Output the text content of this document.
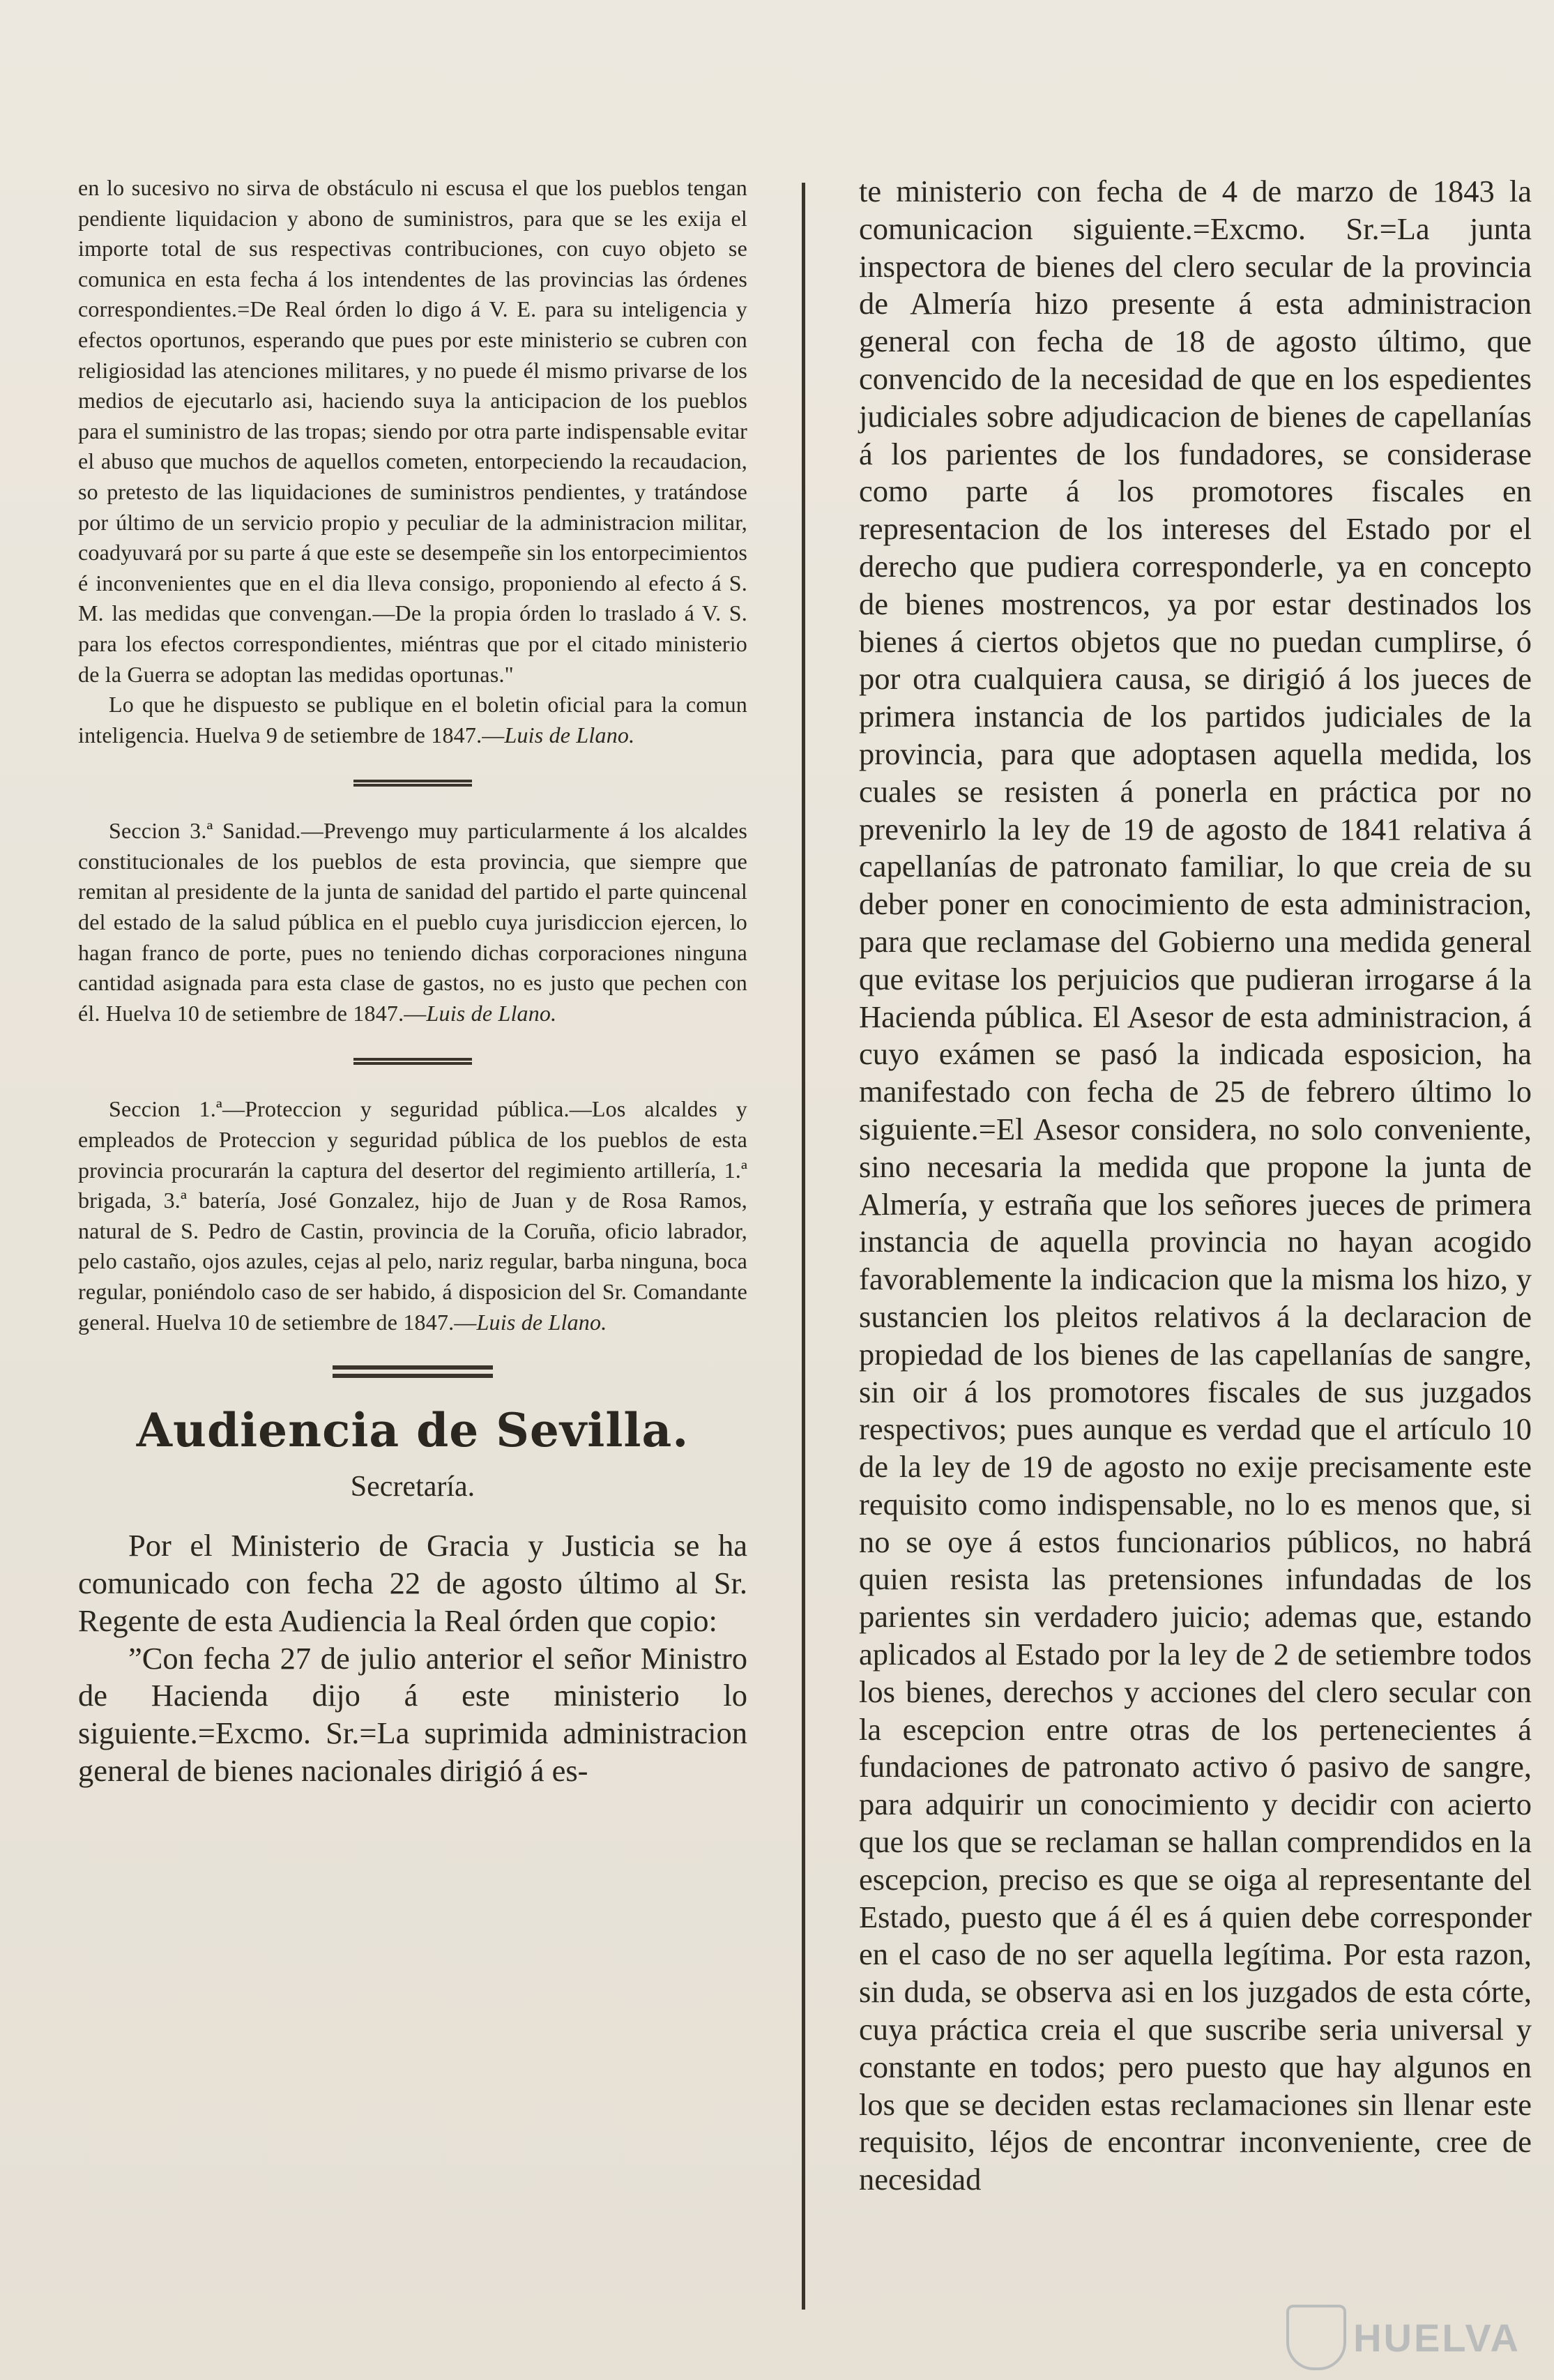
en lo sucesivo no sirva de obstáculo ni escusa el que los pueblos tengan pendiente liquidacion y abono de suministros, para que se les exija el importe total de sus respectivas contribuciones, con cuyo objeto se comunica en esta fecha á los intendentes de las provincias las órdenes correspondientes.=De Real órden lo digo á V. E. para su inteligencia y efectos oportunos, esperando que pues por este ministerio se cubren con religiosidad las atenciones militares, y no puede él mismo privarse de los medios de ejecutarlo asi, haciendo suya la anticipacion de los pueblos para el suministro de las tropas; siendo por otra parte indispensable evitar el abuso que muchos de aquellos cometen, entorpeciendo la recaudacion, so pretesto de las liquidaciones de suministros pendientes, y tratándose por último de un servicio propio y peculiar de la administracion militar, coadyuvará por su parte á que este se desempeñe sin los entorpecimientos é inconvenientes que en el dia lleva consigo, proponiendo al efecto á S. M. las medidas que convengan.—De la propia órden lo traslado á V. S. para los efectos correspondientes, miéntras que por el citado ministerio de la Guerra se adoptan las medidas oportunas."

Lo que he dispuesto se publique en el boletin oficial para la comun inteligencia. Huelva 9 de setiembre de 1847.—Luis de Llano.

Seccion 3.ª Sanidad.—Prevengo muy particularmente á los alcaldes constitucionales de los pueblos de esta provincia, que siempre que remitan al presidente de la junta de sanidad del partido el parte quincenal del estado de la salud pública en el pueblo cuya jurisdiccion ejercen, lo hagan franco de porte, pues no teniendo dichas corporaciones ninguna cantidad asignada para esta clase de gastos, no es justo que pechen con él. Huelva 10 de setiembre de 1847.—Luis de Llano.

Seccion 1.ª—Proteccion y seguridad pública.—Los alcaldes y empleados de Proteccion y seguridad pública de los pueblos de esta provincia procurarán la captura del desertor del regimiento artillería, 1.ª brigada, 3.ª batería, José Gonzalez, hijo de Juan y de Rosa Ramos, natural de S. Pedro de Castin, provincia de la Coruña, oficio labrador, pelo castaño, ojos azules, cejas al pelo, nariz regular, barba ninguna, boca regular, poniéndolo caso de ser habido, á disposicion del Sr. Comandante general. Huelva 10 de setiembre de 1847.—Luis de Llano.

Audiencia de Sevilla.
Secretaría.

Por el Ministerio de Gracia y Justicia se ha comunicado con fecha 22 de agosto último al Sr. Regente de esta Audiencia la Real órden que copio:

”Con fecha 27 de julio anterior el señor Ministro de Hacienda dijo á este ministerio lo siguiente.=Excmo. Sr.=La suprimida administracion general de bienes nacionales dirigió á es-

te ministerio con fecha de 4 de marzo de 1843 la comunicacion siguiente.=Excmo. Sr.=La junta inspectora de bienes del clero secular de la provincia de Almería hizo presente á esta administracion general con fecha de 18 de agosto último, que convencido de la necesidad de que en los espedientes judiciales sobre adjudicacion de bienes de capellanías á los parientes de los fundadores, se considerase como parte á los promotores fiscales en representacion de los intereses del Estado por el derecho que pudiera corresponderle, ya en concepto de bienes mostrencos, ya por estar destinados los bienes á ciertos objetos que no puedan cumplirse, ó por otra cualquiera causa, se dirigió á los jueces de primera instancia de los partidos judiciales de la provincia, para que adoptasen aquella medida, los cuales se resisten á ponerla en práctica por no prevenirlo la ley de 19 de agosto de 1841 relativa á capellanías de patronato familiar, lo que creia de su deber poner en conocimiento de esta administracion, para que reclamase del Gobierno una medida general que evitase los perjuicios que pudieran irrogarse á la Hacienda pública. El Asesor de esta administracion, á cuyo exámen se pasó la indicada esposicion, ha manifestado con fecha de 25 de febrero último lo siguiente.=El Asesor considera, no solo conveniente, sino necesaria la medida que propone la junta de Almería, y estraña que los señores jueces de primera instancia de aquella provincia no hayan acogido favorablemente la indicacion que la misma los hizo, y sustancien los pleitos relativos á la declaracion de propiedad de los bienes de las capellanías de sangre, sin oir á los promotores fiscales de sus juzgados respectivos; pues aunque es verdad que el artículo 10 de la ley de 19 de agosto no exije precisamente este requisito como indispensable, no lo es menos que, si no se oye á estos funcionarios públicos, no habrá quien resista las pretensiones infundadas de los parientes sin verdadero juicio; ademas que, estando aplicados al Estado por la ley de 2 de setiembre todos los bienes, derechos y acciones del clero secular con la escepcion entre otras de los pertenecientes á fundaciones de patronato activo ó pasivo de sangre, para adquirir un conocimiento y decidir con acierto que los que se reclaman se hallan comprendidos en la escepcion, preciso es que se oiga al representante del Estado, puesto que á él es á quien debe corresponder en el caso de no ser aquella legítima. Por esta razon, sin duda, se observa asi en los juzgados de esta córte, cuya práctica creia el que suscribe seria universal y constante en todos; pero puesto que hay algunos en los que se deciden estas reclamaciones sin llenar este requisito, léjos de encontrar inconveniente, cree de necesidad

HUELVA
